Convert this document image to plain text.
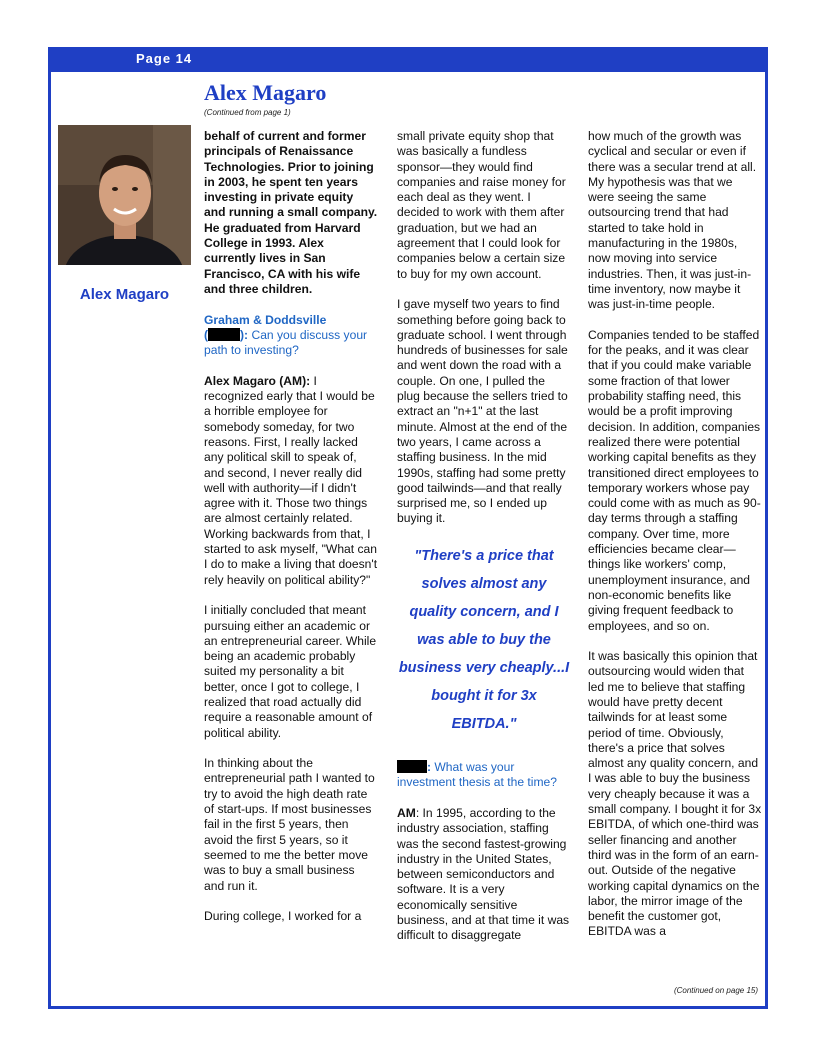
Page 14
Alex Magaro
(Continued from page 1)
Alex Magaro

behalf of current and former principals of Renaissance Technologies. Prior to joining in 2003, he spent ten years investing in private equity and running a small company. He graduated from Harvard College in 1993. Alex currently lives in San Francisco, CA with his wife and three children.

Graham & Doddsville
(	): Can you discuss your path to investing?

Alex Magaro (AM): I recognized early that I would be a horrible employee for somebody someday, for two reasons. First, I really lacked any political skill to speak of, and second, I never really did well with authority—if I didn't agree with it. Those two things are almost certainly related. Working backwards from that, I started to ask myself, "What can I do to make a living that doesn't rely heavily on political ability?"

I initially concluded that meant pursuing either an academic or an entrepreneurial career. While being an academic probably suited my personality a bit better, once I got to college, I realized that road actually did require a reasonable amount of political ability.

In thinking about the entrepreneurial path I wanted to try to avoid the high death rate of start-ups. If most businesses fail in the first 5 years, then avoid the first 5 years, so it seemed to me the better move was to buy a small business and run it.

During college, I worked for a

small private equity shop that was basically a fundless sponsor—they would find companies and raise money for each deal as they went. I decided to work with them after graduation, but we had an agreement that I could look for companies below a certain size to buy for my own account.

I gave myself two years to find something before going back to graduate school. I went through hundreds of businesses for sale and went down the road with a couple. On one, I pulled the plug because the sellers tried to extract an "n+1" at the last minute. Almost at the end of the two years, I came across a staffing business. In the mid 1990s, staffing had some pretty good tailwinds—and that really surprised me, so I ended up buying it.

"There's a price that solves almost any quality concern, and I was able to buy the business very cheaply...I bought it for 3x EBITDA."

: What was your investment thesis at the time?

AM: In 1995, according to the industry association, staffing was the second fastest-growing industry in the United States, between semiconductors and software. It is a very economically sensitive business, and at that time it was difficult to disaggregate

how much of the growth was cyclical and secular or even if there was a secular trend at all. My hypothesis was that we were seeing the same outsourcing trend that had started to take hold in manufacturing in the 1980s, now moving into service industries. Then, it was just-in-time inventory, now maybe it was just-in-time people.

Companies tended to be staffed for the peaks, and it was clear that if you could make variable some fraction of that lower probability staffing need, this would be a profit improving decision. In addition, companies realized there were potential working capital benefits as they transitioned direct employees to temporary workers whose pay could come with as much as 90-day terms through a staffing company. Over time, more efficiencies became clear—things like workers' comp, unemployment insurance, and non-economic benefits like giving frequent feedback to employees, and so on.

It was basically this opinion that outsourcing would widen that led me to believe that staffing would have pretty decent tailwinds for at least some period of time. Obviously, there's a price that solves almost any quality concern, and I was able to buy the business very cheaply because it was a small company. I bought it for 3x EBITDA, of which one-third was seller financing and another third was in the form of an earn-out. Outside of the negative working capital dynamics on the labor, the mirror image of the benefit the customer got, EBITDA was a

(Continued on page 15)
